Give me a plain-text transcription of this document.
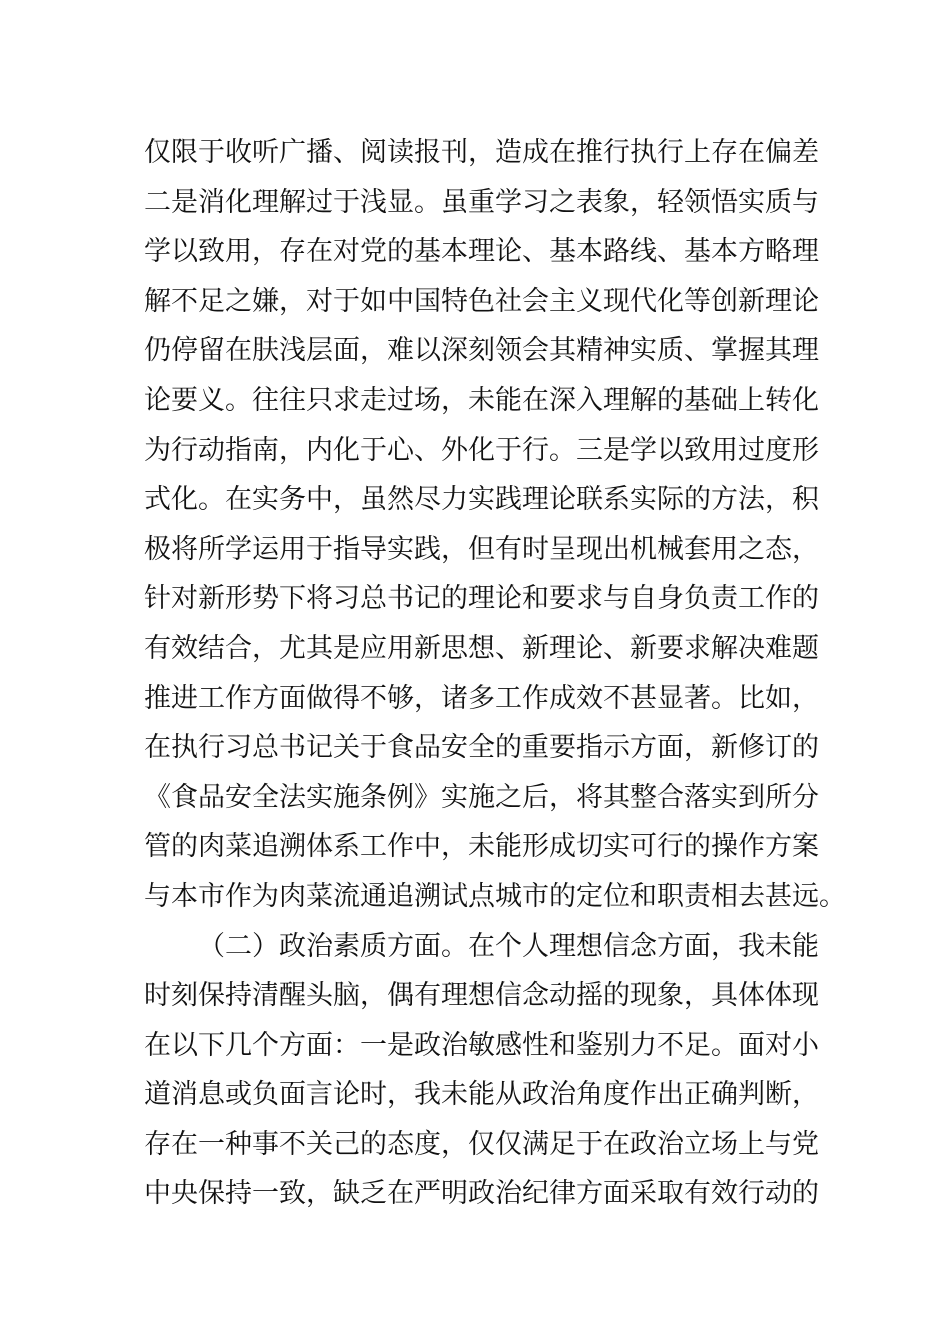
仅限于收听广播、阅读报刊，造成在推行执行上存在偏差
二是消化理解过于浅显。虽重学习之表象，轻领悟实质与
学以致用，存在对党的基本理论、基本路线、基本方略理
解不足之嫌，对于如中国特色社会主义现代化等创新理论
仍停留在肤浅层面，难以深刻领会其精神实质、掌握其理
论要义。往往只求走过场，未能在深入理解的基础上转化
为行动指南，内化于心、外化于行。三是学以致用过度形
式化。在实务中，虽然尽力实践理论联系实际的方法，积
极将所学运用于指导实践，但有时呈现出机械套用之态，
针对新形势下将习总书记的理论和要求与自身负责工作的
有效结合，尤其是应用新思想、新理论、新要求解决难题
推进工作方面做得不够，诸多工作成效不甚显著。比如，
在执行习总书记关于食品安全的重要指示方面，新修订的
《食品安全法实施条例》实施之后，将其整合落实到所分
管的肉菜追溯体系工作中，未能形成切实可行的操作方案
与本市作为肉菜流通追溯试点城市的定位和职责相去甚远。
（二）政治素质方面。在个人理想信念方面，我未能
时刻保持清醒头脑，偶有理想信念动摇的现象，具体体现
在以下几个方面：一是政治敏感性和鉴别力不足。面对小
道消息或负面言论时，我未能从政治角度作出正确判断，
存在一种事不关己的态度，仅仅满足于在政治立场上与党
中央保持一致，缺乏在严明政治纪律方面采取有效行动的
